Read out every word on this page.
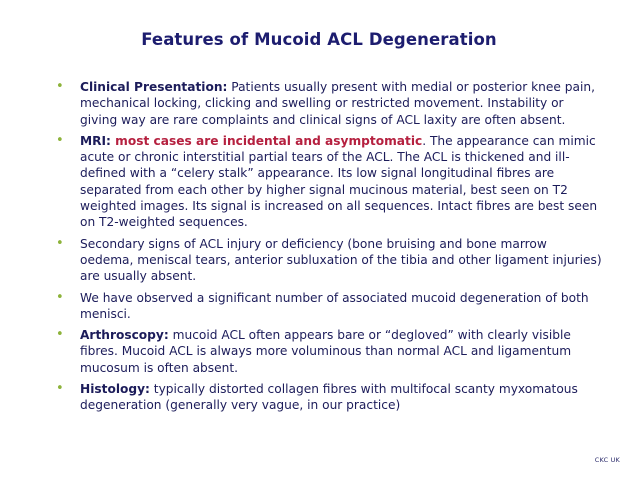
Features of Mucoid ACL Degeneration
• Clinical Presentation: Patients usually present with medial or posterior knee pain, mechanical locking, clicking and swelling or restricted movement. Instability or giving way are rare complaints and clinical signs of ACL laxity are often absent.
• MRI: most cases are incidental and asymptomatic. The appearance can mimic acute or chronic interstitial partial tears of the ACL. The ACL is thickened and ill-defined with a “celery stalk” appearance. Its low signal longitudinal fibres are separated from each other by higher signal mucinous material, best seen on T2 weighted images. Its signal is increased on all sequences. Intact fibres are best seen on T2-weighted sequences.
• Secondary signs of ACL injury or deficiency (bone bruising and bone marrow oedema, meniscal tears, anterior subluxation of the tibia and other ligament injuries) are usually absent.
• We have observed a significant number of associated mucoid degeneration of both menisci.
• Arthroscopy: mucoid ACL often appears bare or “degloved” with clearly visible fibres. Mucoid ACL is always more voluminous than normal ACL and ligamentum mucosum is often absent.
• Histology: typically distorted collagen fibres with multifocal scanty myxomatous degeneration (generally very vague, in our practice)
CKC UK
